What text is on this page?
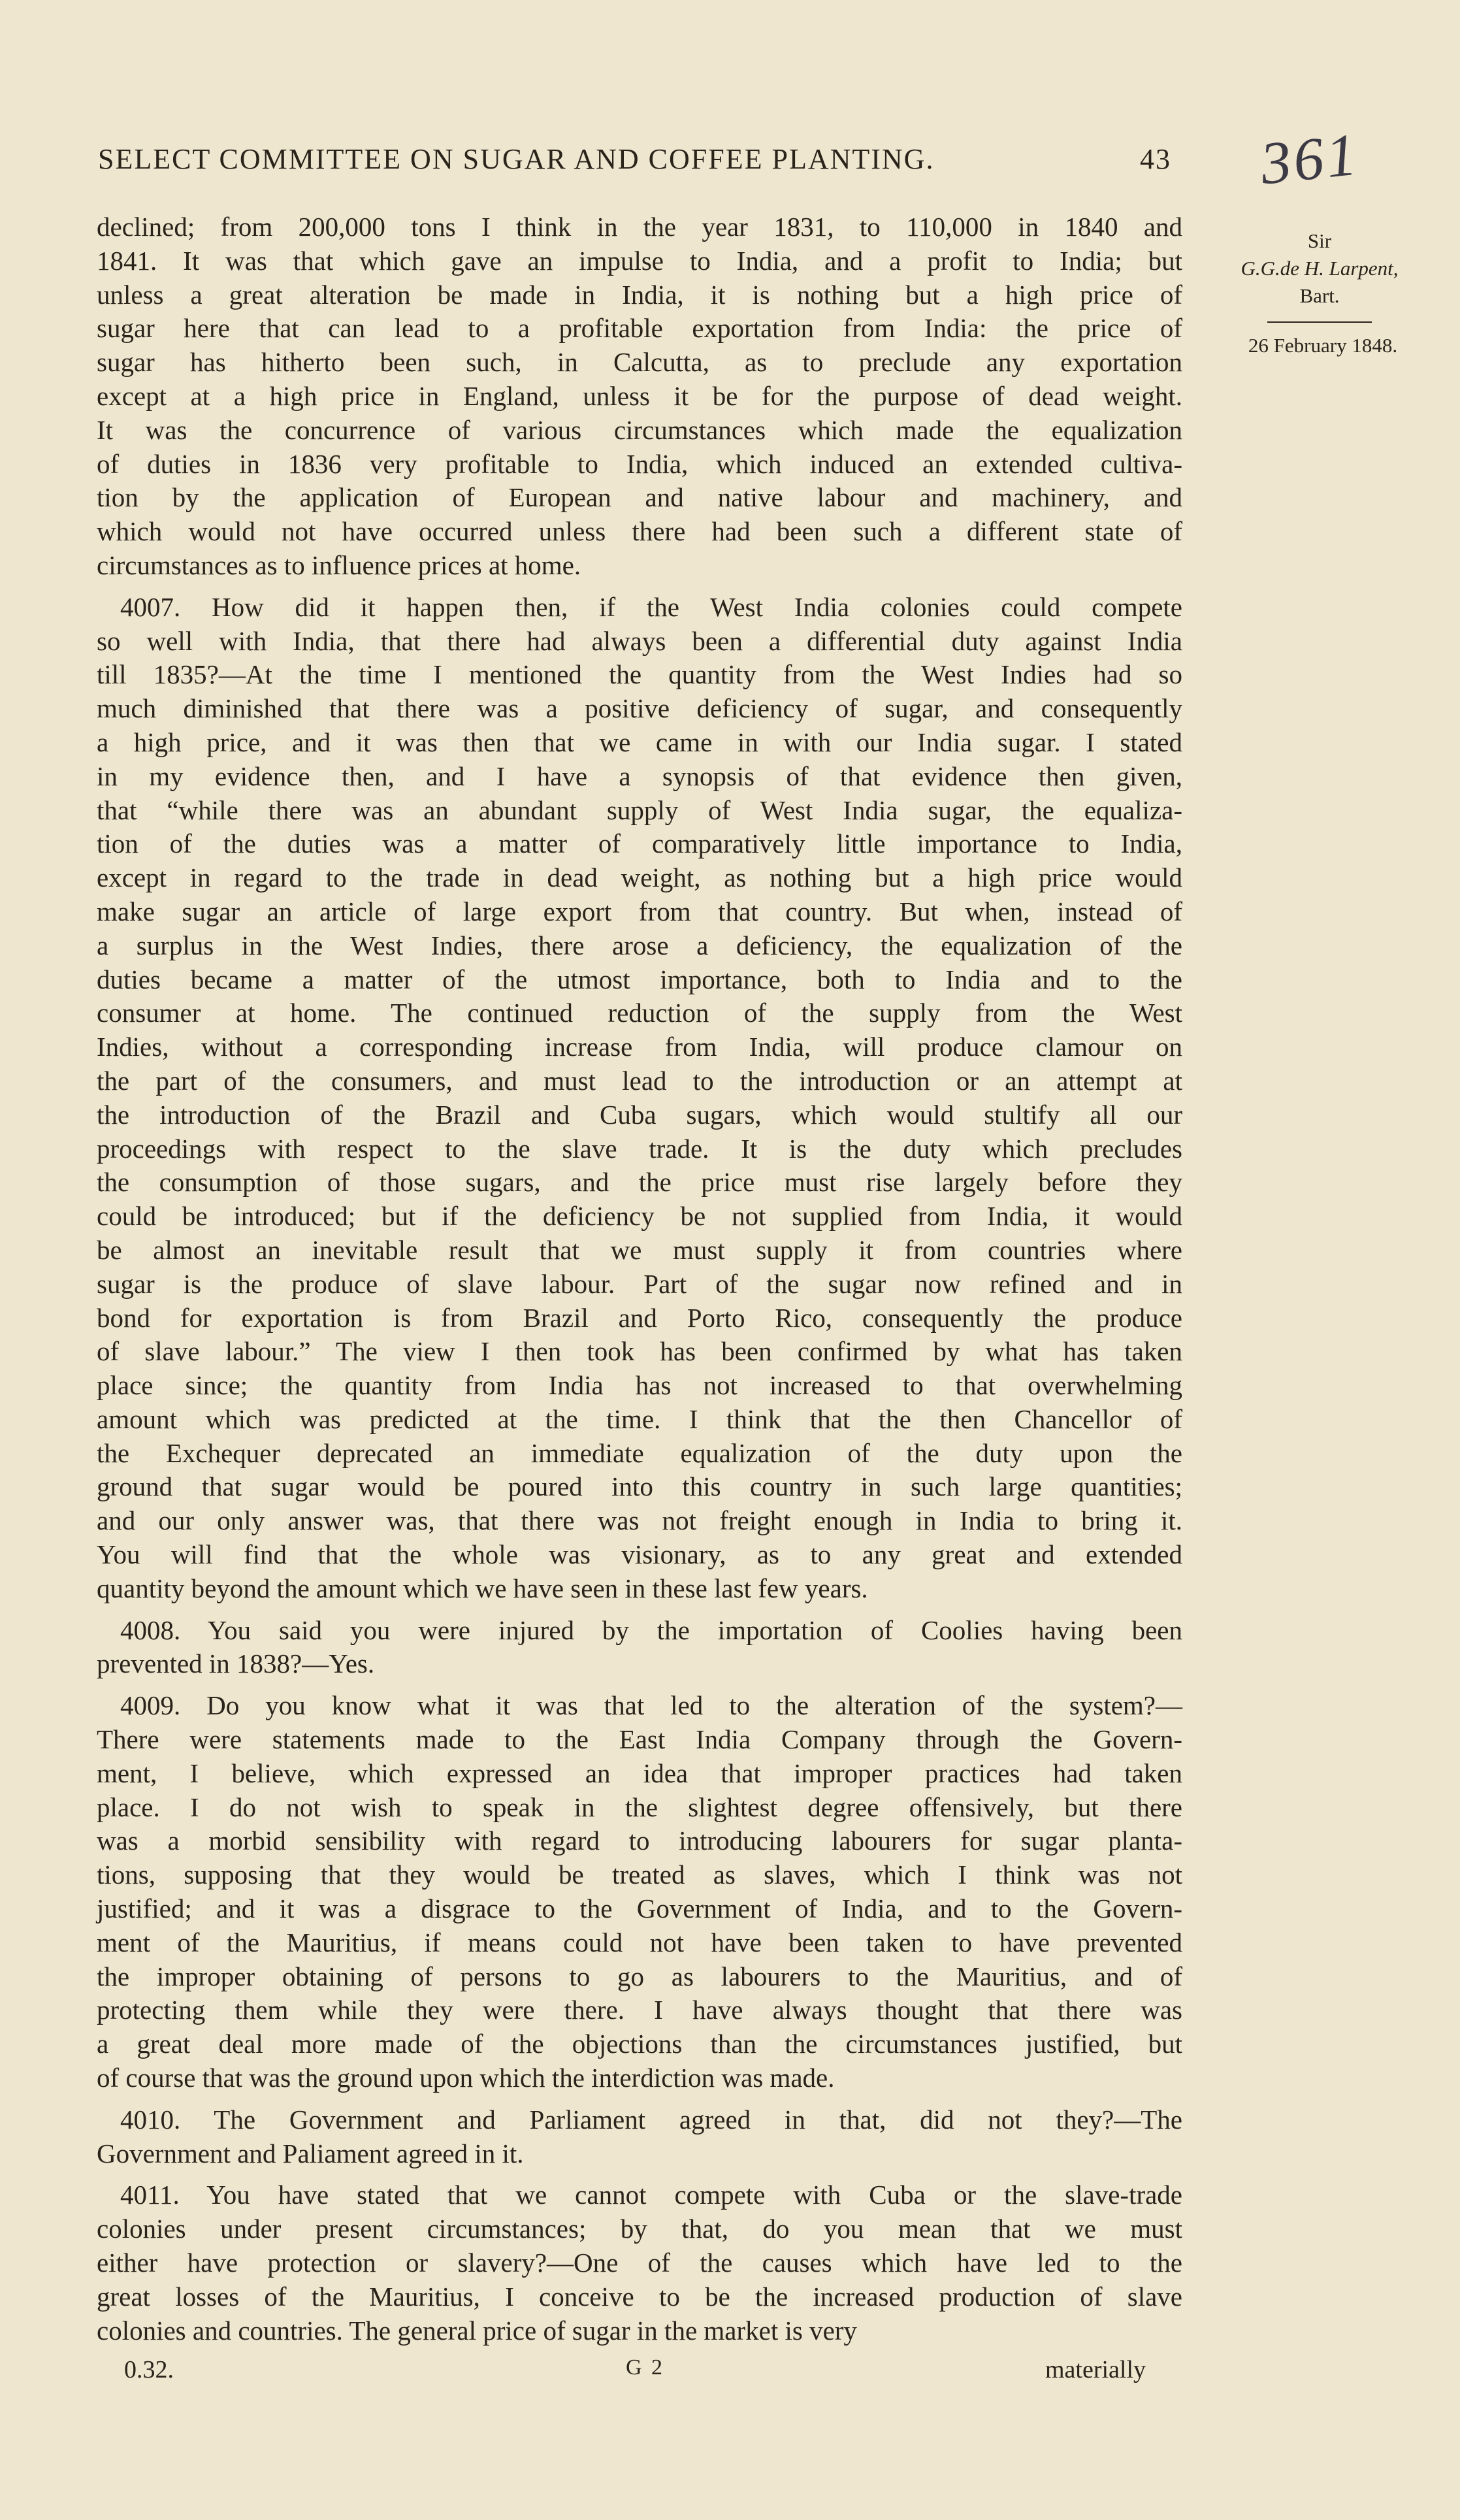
SELECT COMMITTEE ON SUGAR AND COFFEE PLANTING.	43 361
declined; from 200,000 tons I think in the year 1831, to 110,000 in 1840 and
1841. It was that which gave an impulse to India, and a profit to India; but
unless a great alteration be made in India, it is nothing but a high price of
sugar here that can lead to a profitable exportation from India: the price of
sugar has hitherto been such, in Calcutta, as to preclude any exportation
except at a high price in England, unless it be for the purpose of dead weight.
It was the concurrence of various circumstances which made the equalization
of duties in 1836 very profitable to India, which induced an extended cultiva-
tion by the application of European and native labour and machinery, and
which would not have occurred unless there had been such a different state of
circumstances as to influence prices at home.
4007. How did it happen then, if the West India colonies could compete
so well with India, that there had always been a differential duty against India
till 1835?—At the time I mentioned the quantity from the West Indies had so
much diminished that there was a positive deficiency of sugar, and consequently
a high price, and it was then that we came in with our India sugar. I stated
in my evidence then, and I have a synopsis of that evidence then given,
that “while there was an abundant supply of West India sugar, the equaliza-
tion of the duties was a matter of comparatively little importance to India,
except in regard to the trade in dead weight, as nothing but a high price would
make sugar an article of large export from that country. But when, instead of
a surplus in the West Indies, there arose a deficiency, the equalization of the
duties became a matter of the utmost importance, both to India and to the
consumer at home. The continued reduction of the supply from the West
Indies, without a corresponding increase from India, will produce clamour on
the part of the consumers, and must lead to the introduction or an attempt at
the introduction of the Brazil and Cuba sugars, which would stultify all our
proceedings with respect to the slave trade. It is the duty which precludes
the consumption of those sugars, and the price must rise largely before they
could be introduced; but if the deficiency be not supplied from India, it would
be almost an inevitable result that we must supply it from countries where
sugar is the produce of slave labour. Part of the sugar now refined and in
bond for exportation is from Brazil and Porto Rico, consequently the produce
of slave labour.” The view I then took has been confirmed by what has taken
place since; the quantity from India has not increased to that overwhelming
amount which was predicted at the time. I think that the then Chancellor of
the Exchequer deprecated an immediate equalization of the duty upon the
ground that sugar would be poured into this country in such large quantities;
and our only answer was, that there was not freight enough in India to bring it.
You will find that the whole was visionary, as to any great and extended
quantity beyond the amount which we have seen in these last few years.
4008. You said you were injured by the importation of Coolies having been
prevented in 1838?—Yes.
4009. Do you know what it was that led to the alteration of the system?—
There were statements made to the East India Company through the Govern-
ment, I believe, which expressed an idea that improper practices had taken
place. I do not wish to speak in the slightest degree offensively, but there
was a morbid sensibility with regard to introducing labourers for sugar planta-
tions, supposing that they would be treated as slaves, which I think was not
justified; and it was a disgrace to the Government of India, and to the Govern-
ment of the Mauritius, if means could not have been taken to have prevented
the improper obtaining of persons to go as labourers to the Mauritius, and of
protecting them while they were there. I have always thought that there was
a great deal more made of the objections than the circumstances justified, but
of course that was the ground upon which the interdiction was made.
4010. The Government and Parliament agreed in that, did not they?—The
Government and Paliament agreed in it.
4011. You have stated that we cannot compete with Cuba or the slave-trade
colonies under present circumstances; by that, do you mean that we must
either have protection or slavery?—One of the causes which have led to the
great losses of the Mauritius, I conceive to be the increased production of slave
colonies and countries. The general price of sugar in the market is very
Sir
G.G.de H. Larpent,
Bart.
26 February 1848.
0.32.	G 2	materially
